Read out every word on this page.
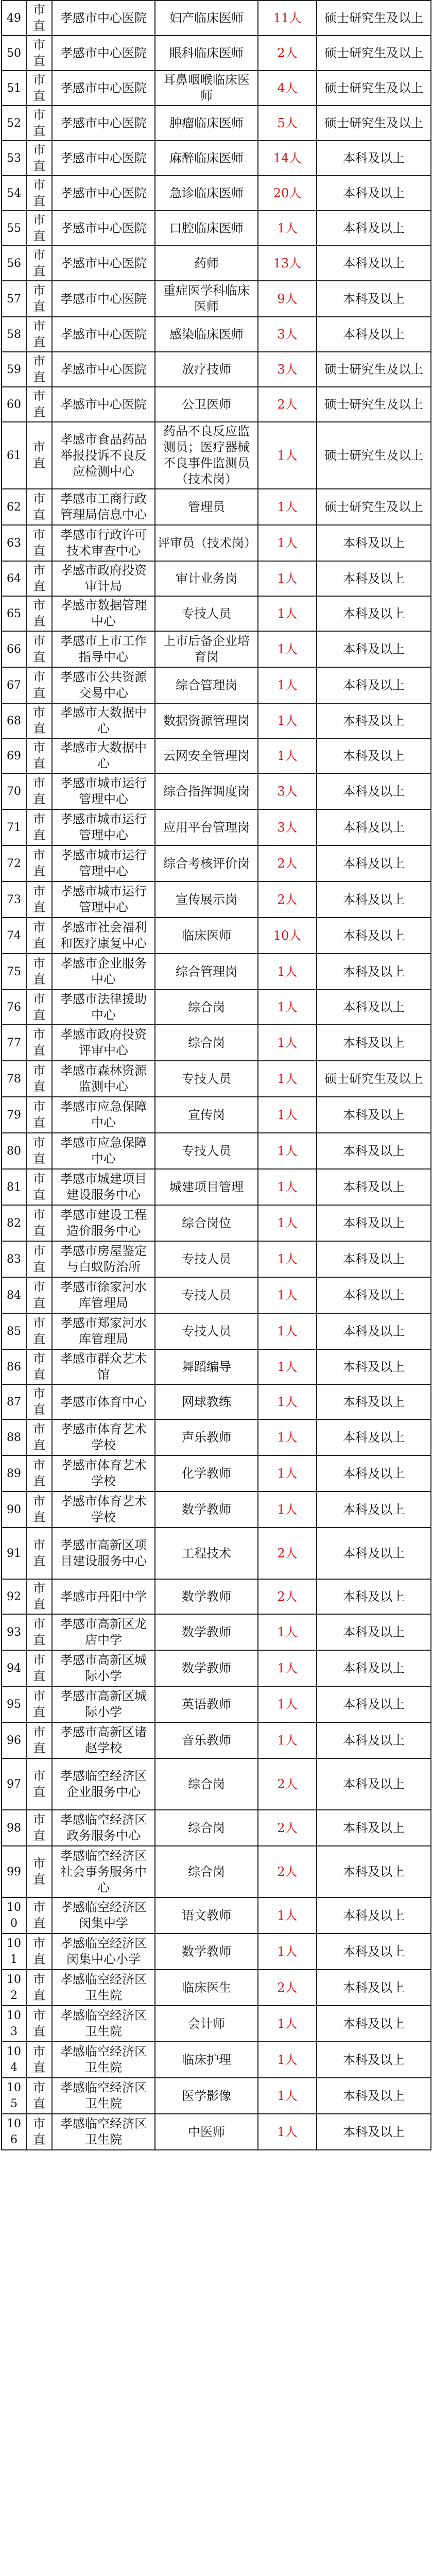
49	市直	孝感市中心医院	妇产临床医师	11人	硕士研究生及以上
50	市直	孝感市中心医院	眼科临床医师	2人	硕士研究生及以上
51	市直	孝感市中心医院	耳鼻咽喉临床医师	4人	硕士研究生及以上
52	市直	孝感市中心医院	肿瘤临床医师	5人	硕士研究生及以上
53	市直	孝感市中心医院	麻醉临床医师	14人	本科及以上
54	市直	孝感市中心医院	急诊临床医师	20人	本科及以上
55	市直	孝感市中心医院	口腔临床医师	1人	本科及以上
56	市直	孝感市中心医院	药师	13人	本科及以上
57	市直	孝感市中心医院	重症医学科临床医师	9人	本科及以上
58	市直	孝感市中心医院	感染临床医师	3人	本科及以上
59	市直	孝感市中心医院	放疗技师	3人	硕士研究生及以上
60	市直	孝感市中心医院	公卫医师	2人	硕士研究生及以上
61	市直	孝感市食品药品举报投诉不良反应检测中心	药品不良反应监测员；医疗器械不良事件监测员（技术岗）	1人	硕士研究生及以上
62	市直	孝感市工商行政管理局信息中心	管理员	1人	硕士研究生及以上
63	市直	孝感市行政许可技术审查中心	评审员（技术岗）	1人	本科及以上
64	市直	孝感市政府投资审计局	审计业务岗	1人	本科及以上
65	市直	孝感市数据管理中心	专技人员	1人	本科及以上
66	市直	孝感市上市工作指导中心	上市后备企业培育岗	1人	本科及以上
67	市直	孝感市公共资源交易中心	综合管理岗	1人	本科及以上
68	市直	孝感市大数据中心	数据资源管理岗	1人	本科及以上
69	市直	孝感市大数据中心	云网安全管理岗	1人	本科及以上
70	市直	孝感市城市运行管理中心	综合指挥调度岗	3人	本科及以上
71	市直	孝感市城市运行管理中心	应用平台管理岗	3人	本科及以上
72	市直	孝感市城市运行管理中心	综合考核评价岗	2人	本科及以上
73	市直	孝感市城市运行管理中心	宣传展示岗	2人	本科及以上
74	市直	孝感市社会福利和医疗康复中心	临床医师	10人	本科及以上
75	市直	孝感市企业服务中心	综合管理岗	1人	本科及以上
76	市直	孝感市法律援助中心	综合岗	1人	本科及以上
77	市直	孝感市政府投资评审中心	综合岗	1人	本科及以上
78	市直	孝感市森林资源监测中心	专技人员	1人	硕士研究生及以上
79	市直	孝感市应急保障中心	宣传岗	1人	本科及以上
80	市直	孝感市应急保障中心	专技人员	1人	本科及以上
81	市直	孝感市城建项目建设服务中心	城建项目管理	1人	本科及以上
82	市直	孝感市建设工程造价服务中心	综合岗位	1人	本科及以上
83	市直	孝感市房屋鉴定与白蚁防治所	专技人员	1人	本科及以上
84	市直	孝感市徐家河水库管理局	专技人员	1人	本科及以上
85	市直	孝感市郑家河水库管理局	专技人员	1人	本科及以上
86	市直	孝感市群众艺术馆	舞蹈编导	1人	本科及以上
87	市直	孝感市体育中心	网球教练	1人	本科及以上
88	市直	孝感市体育艺术学校	声乐教师	1人	本科及以上
89	市直	孝感市体育艺术学校	化学教师	1人	本科及以上
90	市直	孝感市体育艺术学校	数学教师	1人	本科及以上
91	市直	孝感市高新区项目建设服务中心	工程技术	2人	本科及以上
92	市直	孝感市丹阳中学	数学教师	2人	本科及以上
93	市直	孝感市高新区龙店中学	数学教师	1人	本科及以上
94	市直	孝感市高新区城际小学	数学教师	1人	本科及以上
95	市直	孝感市高新区城际小学	英语教师	1人	本科及以上
96	市直	孝感市高新区诸赵学校	音乐教师	1人	本科及以上
97	市直	孝感临空经济区企业服务中心	综合岗	2人	本科及以上
98	市直	孝感临空经济区政务服务中心	综合岗	2人	本科及以上
99	市直	孝感临空经济区社会事务服务中心	综合岗	2人	本科及以上
100	市直	孝感临空经济区闵集中学	语文教师	1人	本科及以上
101	市直	孝感临空经济区闵集中心小学	数学教师	1人	本科及以上
102	市直	孝感临空经济区卫生院	临床医生	2人	本科及以上
103	市直	孝感临空经济区卫生院	会计师	1人	本科及以上
104	市直	孝感临空经济区卫生院	临床护理	1人	本科及以上
105	市直	孝感临空经济区卫生院	医学影像	1人	本科及以上
106	市直	孝感临空经济区卫生院	中医师	1人	本科及以上
